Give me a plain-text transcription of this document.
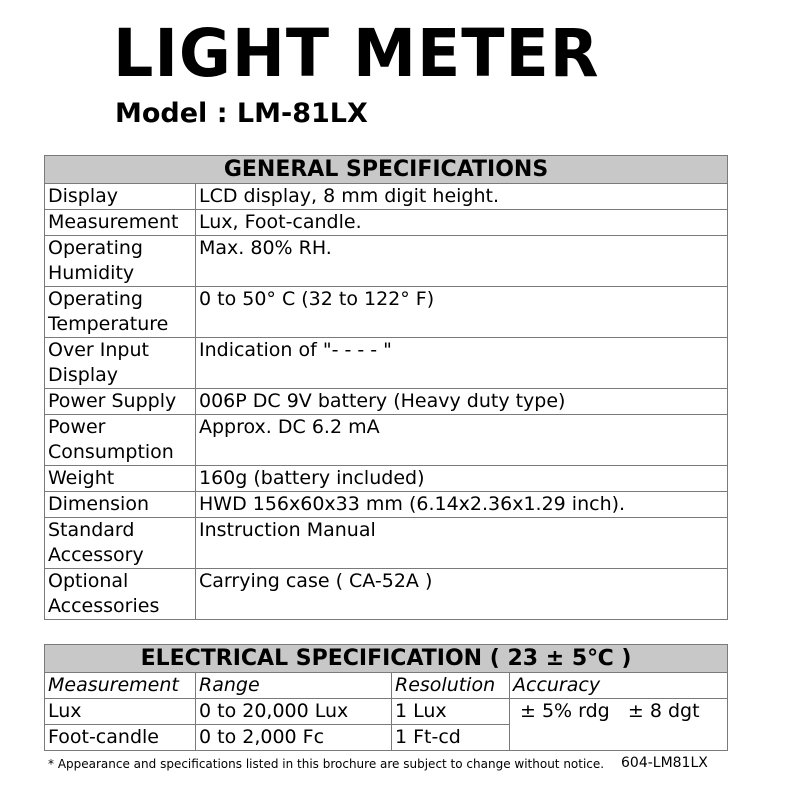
LIGHT METER
Model : LM-81LX
GENERAL SPECIFICATIONS	

Display	LCD display, 8 mm digit height.

Measurement	Lux, Foot-candle.

Operating
Humidity	Max. 80% RH.

Operating
Temperature	0 to 50° C (32 to 122° F)

Over Input
Display	Indication of "- - - - "

Power Supply	006P DC 9V battery (Heavy duty type)

Power
Consumption	Approx. DC 6.2 mA

Weight	160g (battery included)

Dimension	HWD 156x60x33 mm (6.14x2.36x1.29 inch).

Standard
Accessory	Instruction Manual

Optional
Accessories	Carrying case ( CA-52A )
ELECTRICAL SPECIFICATION ( 23 ± 5℃ )			
Measurement	Range	Resolution	Accuracy
Lux	0 to 20,000 Lux	1 Lux	± 5% rdg   ± 8 dgt
Foot-candle	0 to 2,000 Fc	1 Ft-cd	
* Appearance and specifications listed in this brochure are subject to change without notice. 604-LM81LX
